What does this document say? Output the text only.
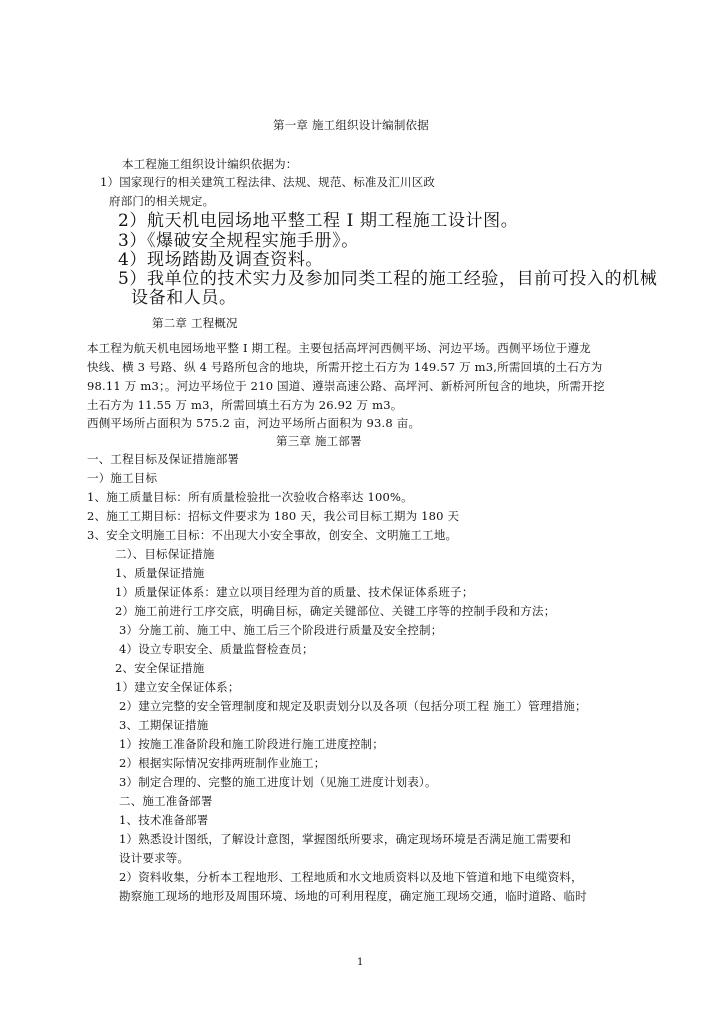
第一章 施工组织设计编制依据
本工程施工组织设计编织依据为：
1）国家现行的相关建筑工程法律、法规、规范、标准及汇川区政
府部门的相关规定。
2）航天机电园场地平整工程 I 期工程施工设计图。
3）《爆破安全规程实施手册》。
4）现场踏勘及调查资料。
5）我单位的技术实力及参加同类工程的施工经验，目前可投入的机械
设备和人员。
第二章 工程概况
本工程为航天机电园场地平整 I 期工程。主要包括高坪河西侧平场、河边平场。西侧平场位于遵龙
快线、横 3 号路、纵 4 号路所包含的地块，所需开挖土石方为 149.57 万 m3,所需回填的土石方为
98.11 万 m3；。河边平场位于 210 国道、遵崇高速公路、高坪河、新桥河所包含的地块，所需开挖
土石方为 11.55 万 m3，所需回填土石方为 26.92 万 m3。
西侧平场所占面积为 575.2 亩，河边平场所占面积为 93.8 亩。
第三章 施工部署
一、工程目标及保证措施部署
一）施工目标
1、施工质量目标：所有质量检验批一次验收合格率达 100%。
2、施工工期目标：招标文件要求为 180 天，我公司目标工期为 180 天
3、安全文明施工目标：不出现大小安全事故，创安全、文明施工工地。
二）、目标保证措施
1、质量保证措施
1）质量保证体系：建立以项目经理为首的质量、技术保证体系班子；
2）施工前进行工序交底，明确目标，确定关键部位、关键工序等的控制手段和方法；
3）分施工前、施工中、施工后三个阶段进行质量及安全控制；
4）设立专职安全、质量监督检查员；
2、安全保证措施
1）建立安全保证体系；
2）建立完整的安全管理制度和规定及职责划分以及各项（包括分项工程 施工）管理措施；
3、工期保证措施
1）按施工准备阶段和施工阶段进行施工进度控制；
2）根据实际情况安排两班制作业施工；
3）制定合理的、完整的施工进度计划（见施工进度计划表）。
二、施工准备部署
1、技术准备部署
1）熟悉设计图纸，了解设计意图，掌握图纸所要求，确定现场环境是否满足施工需要和
设计要求等。
2）资料收集，分析本工程地形、工程地质和水文地质资料以及地下管道和地下电缆资料，
勘察施工现场的地形及周围环境、场地的可利用程度，确定施工现场交通，临时道路、临时
1
